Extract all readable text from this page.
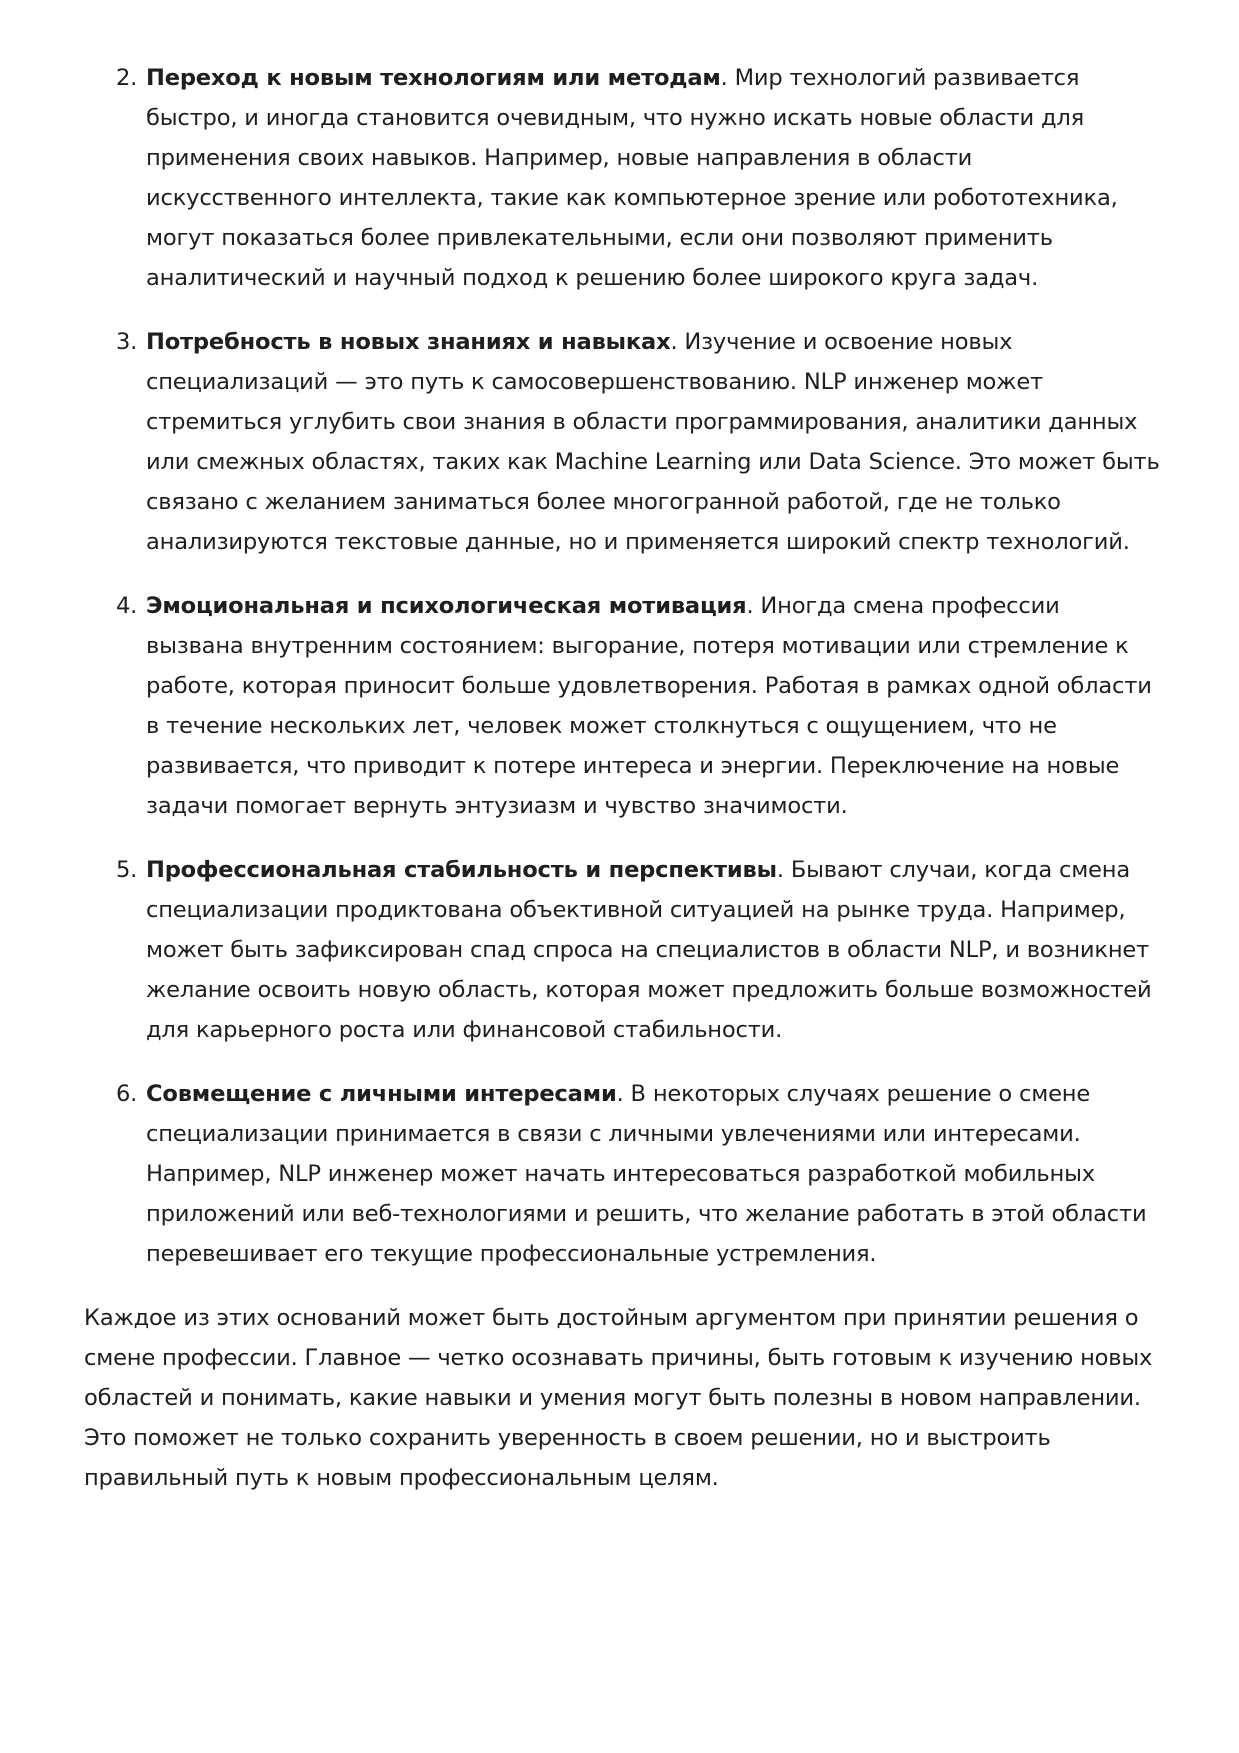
2. Переход к новым технологиям или методам. Мир технологий развивается быстро, и иногда становится очевидным, что нужно искать новые области для применения своих навыков. Например, новые направления в области искусственного интеллекта, такие как компьютерное зрение или робототехника, могут показаться более привлекательными, если они позволяют применить аналитический и научный подход к решению более широкого круга задач.
3. Потребность в новых знаниях и навыках. Изучение и освоение новых специализаций — это путь к самосовершенствованию. NLP инженер может стремиться углубить свои знания в области программирования, аналитики данных или смежных областях, таких как Machine Learning или Data Science. Это может быть связано с желанием заниматься более многогранной работой, где не только анализируются текстовые данные, но и применяется широкий спектр технологий.
4. Эмоциональная и психологическая мотивация. Иногда смена профессии вызвана внутренним состоянием: выгорание, потеря мотивации или стремление к работе, которая приносит больше удовлетворения. Работая в рамках одной области в течение нескольких лет, человек может столкнуться с ощущением, что не развивается, что приводит к потере интереса и энергии. Переключение на новые задачи помогает вернуть энтузиазм и чувство значимости.
5. Профессиональная стабильность и перспективы. Бывают случаи, когда смена специализации продиктована объективной ситуацией на рынке труда. Например, может быть зафиксирован спад спроса на специалистов в области NLP, и возникнет желание освоить новую область, которая может предложить больше возможностей для карьерного роста или финансовой стабильности.
6. Совмещение с личными интересами. В некоторых случаях решение о смене специализации принимается в связи с личными увлечениями или интересами. Например, NLP инженер может начать интересоваться разработкой мобильных приложений или веб-технологиями и решить, что желание работать в этой области перевешивает его текущие профессиональные устремления.

Каждое из этих оснований может быть достойным аргументом при принятии решения о смене профессии. Главное — четко осознавать причины, быть готовым к изучению новых областей и понимать, какие навыки и умения могут быть полезны в новом направлении. Это поможет не только сохранить уверенность в своем решении, но и выстроить правильный путь к новым профессиональным целям.
